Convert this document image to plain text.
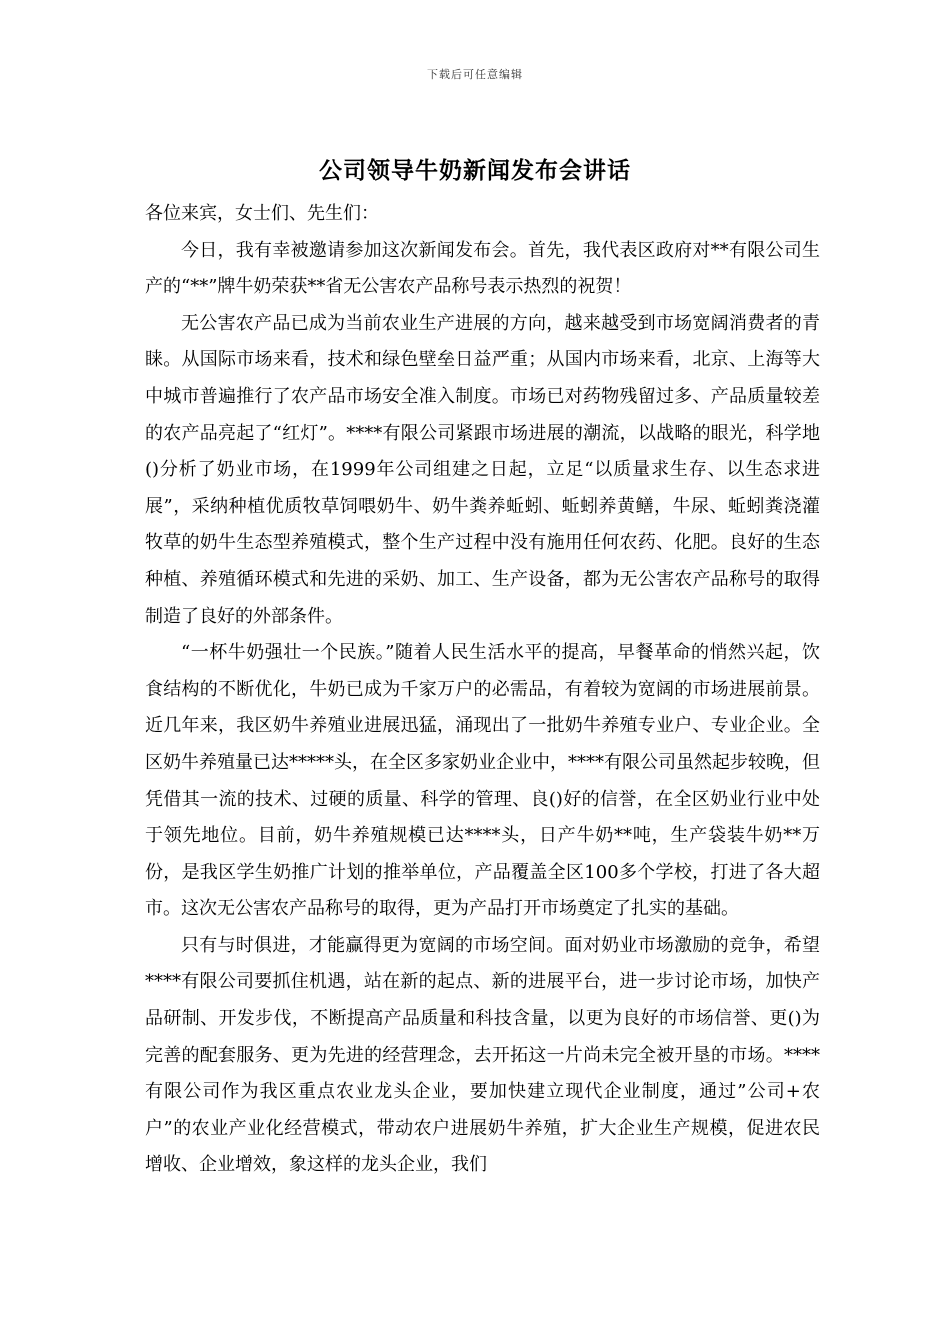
下载后可任意编辑
公司领导牛奶新闻发布会讲话

各位来宾，女士们、先生们：

今日，我有幸被邀请参加这次新闻发布会。首先，我代表区政府对**有限公司生产的“**”牌牛奶荣获**省无公害农产品称号表示热烈的祝贺！

无公害农产品已成为当前农业生产进展的方向，越来越受到市场宽阔消费者的青睐。从国际市场来看，技术和绿色壁垒日益严重；从国内市场来看，北京、上海等大中城市普遍推行了农产品市场安全准入制度。市场已对药物残留过多、产品质量较差的农产品亮起了“红灯”。****有限公司紧跟市场进展的潮流，以战略的眼光，科学地()分析了奶业市场，在1999年公司组建之日起，立足“以质量求生存、以生态求进展”，采纳种植优质牧草饲喂奶牛、奶牛粪养蚯蚓、蚯蚓养黄鳝，牛尿、蚯蚓粪浇灌牧草的奶牛生态型养殖模式，整个生产过程中没有施用任何农药、化肥。良好的生态种植、养殖循环模式和先进的采奶、加工、生产设备，都为无公害农产品称号的取得制造了良好的外部条件。

“一杯牛奶强壮一个民族。”随着人民生活水平的提高，早餐革命的悄然兴起，饮食结构的不断优化，牛奶已成为千家万户的必需品，有着较为宽阔的市场进展前景。近几年来，我区奶牛养殖业进展迅猛，涌现出了一批奶牛养殖专业户、专业企业。全区奶牛养殖量已达*****头，在全区多家奶业企业中，****有限公司虽然起步较晚，但凭借其一流的技术、过硬的质量、科学的管理、良()好的信誉，在全区奶业行业中处于领先地位。目前，奶牛养殖规模已达****头，日产牛奶**吨，生产袋装牛奶**万份，是我区学生奶推广计划的推举单位，产品覆盖全区100多个学校，打进了各大超市。这次无公害农产品称号的取得，更为产品打开市场奠定了扎实的基础。

只有与时俱进，才能赢得更为宽阔的市场空间。面对奶业市场激励的竞争，希望****有限公司要抓住机遇，站在新的起点、新的进展平台，进一步讨论市场，加快产品研制、开发步伐，不断提高产品质量和科技含量，以更为良好的市场信誉、更()为完善的配套服务、更为先进的经营理念，去开拓这一片尚未完全被开垦的市场。****有限公司作为我区重点农业龙头企业，要加快建立现代企业制度，通过”公司+农户”的农业产业化经营模式，带动农户进展奶牛养殖，扩大企业生产规模，促进农民增收、企业增效，象这样的龙头企业，我们
